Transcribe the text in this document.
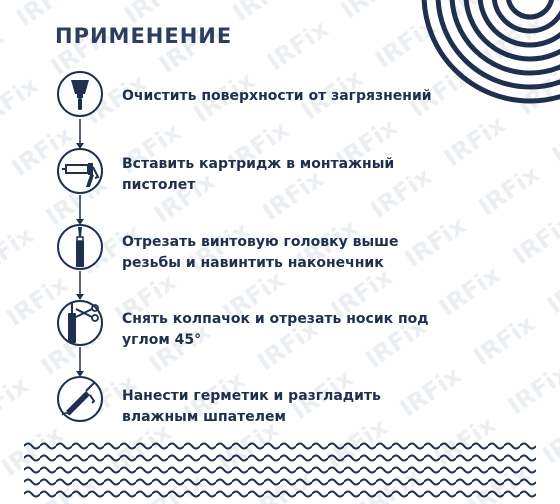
ПРИМЕНЕНИЕ
Очистить поверхности от загрязнений
Вставить картридж в монтажный пистолет
Отрезать винтовую головку выше резьбы и навинтить наконечник
Снять колпачок и отрезать носик под углом 45°
Нанести герметик и разгладить влажным шпателем
